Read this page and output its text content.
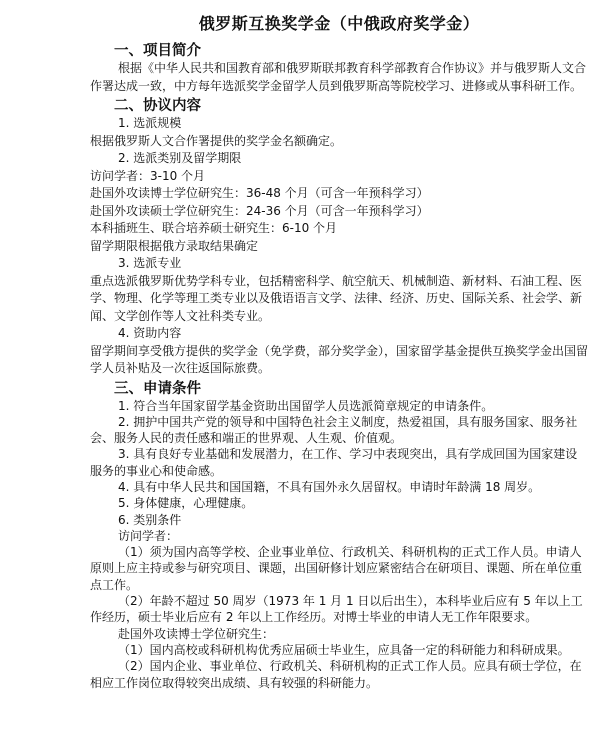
俄罗斯互换奖学金（中俄政府奖学金）
一、项目简介

根据《中华人民共和国教育部和俄罗斯联邦教育科学部教育合作协议》并与俄罗斯人文合作署达成一致，中方每年选派奖学金留学人员到俄罗斯高等院校学习、进修或从事科研工作。

二、协议内容

1. 选派规模

根据俄罗斯人文合作署提供的奖学金名额确定。

2. 选派类别及留学期限

访问学者：3-10 个月

赴国外攻读博士学位研究生：36-48 个月（可含一年预科学习）

赴国外攻读硕士学位研究生：24-36 个月（可含一年预科学习）

本科插班生、联合培养硕士研究生：6-10 个月

留学期限根据俄方录取结果确定

3. 选派专业

重点选派俄罗斯优势学科专业，包括精密科学、航空航天、机械制造、新材料、石油工程、医学、物理、化学等理工类专业以及俄语语言文学、法律、经济、历史、国际关系、社会学、新闻、文学创作等人文社科类专业。

4. 资助内容

留学期间享受俄方提供的奖学金（免学费，部分奖学金），国家留学基金提供互换奖学金出国留学人员补贴及一次往返国际旅费。

三、申请条件

1. 符合当年国家留学基金资助出国留学人员选派简章规定的申请条件。

2. 拥护中国共产党的领导和中国特色社会主义制度，热爱祖国，具有服务国家、服务社会、服务人民的责任感和端正的世界观、人生观、价值观。

3. 具有良好专业基础和发展潜力，在工作、学习中表现突出，具有学成回国为国家建设服务的事业心和使命感。

4. 具有中华人民共和国国籍，不具有国外永久居留权。申请时年龄满 18 周岁。

5. 身体健康，心理健康。

6. 类别条件

访问学者：

（1）须为国内高等学校、企业事业单位、行政机关、科研机构的正式工作人员。申请人原则上应主持或参与研究项目、课题，出国研修计划应紧密结合在研项目、课题、所在单位重点工作。

（2）年龄不超过 50 周岁（1973 年 1 月 1 日以后出生），本科毕业后应有 5 年以上工作经历，硕士毕业后应有 2 年以上工作经历。对博士毕业的申请人无工作年限要求。

赴国外攻读博士学位研究生：

（1）国内高校或科研机构优秀应届硕士毕业生，应具备一定的科研能力和科研成果。

（2）国内企业、事业单位、行政机关、科研机构的正式工作人员。应具有硕士学位，在相应工作岗位取得较突出成绩、具有较强的科研能力。
